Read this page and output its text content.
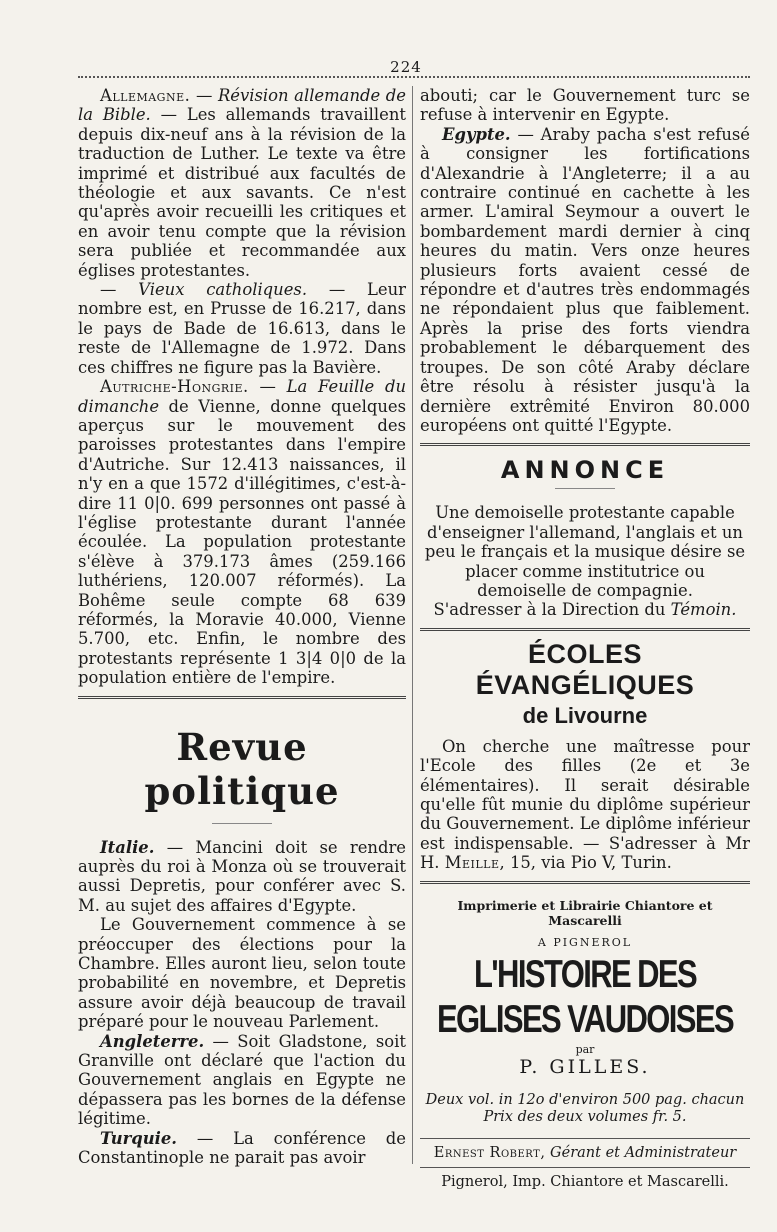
224

Allemagne. — Révision allemande de la Bible. — Les allemands travaillent depuis dix-neuf ans à la révision de la traduction de Luther. Le texte va être imprimé et distribué aux facultés de théologie et aux savants. Ce n'est qu'après avoir recueilli les critiques et en avoir tenu compte que la révision sera publiée et recommandée aux églises protestantes.

— Vieux catholiques. — Leur nombre est, en Prusse de 16.217, dans le pays de Bade de 16.613, dans le reste de l'Allemagne de 1.972. Dans ces chiffres ne figure pas la Bavière.

Autriche-Hongrie. — La Feuille du dimanche de Vienne, donne quelques aperçus sur le mouvement des paroisses protestantes dans l'empire d'Autriche. Sur 12.413 naissances, il n'y en a que 1572 d'illégitimes, c'est-à-dire 11 0|0. 699 personnes ont passé à l'église protestante durant l'année écoulée. La population protestante s'élève à 379.173 âmes (259.166 luthériens, 120.007 réformés). La Bohême seule compte 68 639 réformés, la Moravie 40.000, Vienne 5.700, etc. Enfin, le nombre des protestants représente 1 3|4 0|0 de la population entière de l'empire.

Revue politique

Italie. — Mancini doit se rendre auprès du roi à Monza où se trouverait aussi Depretis, pour conférer avec S. M. au sujet des affaires d'Egypte.

Le Gouvernement commence à se préoccuper des élections pour la Chambre. Elles auront lieu, selon toute probabilité en novembre, et Depretis assure avoir déjà beaucoup de travail préparé pour le nouveau Parlement.

Angleterre. — Soit Gladstone, soit Granville ont déclaré que l'action du Gouvernement anglais en Egypte ne dépassera pas les bornes de la défense légitime.

Turquie. — La conférence de Constantinople ne parait pas avoir

abouti; car le Gouvernement turc se refuse à intervenir en Egypte.

Egypte. — Araby pacha s'est refusé à consigner les fortifications d'Alexandrie à l'Angleterre; il a au contraire continué en cachette à les armer. L'amiral Seymour a ouvert le bombardement mardi dernier à cinq heures du matin. Vers onze heures plusieurs forts avaient cessé de répondre et d'autres très endommagés ne répondaient plus que faiblement. Après la prise des forts viendra probablement le débarquement des troupes. De son côté Araby déclare être résolu à résister jusqu'à la dernière extrêmité Environ 80.000 européens ont quitté l'Egypte.

ANNONCE

Une demoiselle protestante capable d'enseigner l'allemand, l'anglais et un peu le français et la musique désire se placer comme institutrice ou demoiselle de compagnie.

S'adresser à la Direction du Témoin.

ÉCOLES ÉVANGÉLIQUES
de Livourne

On cherche une maîtresse pour l'Ecole des filles (2e et 3e élémentaires). Il serait désirable qu'elle fût munie du diplôme supérieur du Gouvernement. Le diplôme inférieur est indispensable. — S'adresser à Mr H. Meille, 15, via Pio V, Turin.

Imprimerie et Librairie Chiantore et Mascarelli
A PIGNEROL
L'HISTOIRE DES EGLISES VAUDOISES
par
P. GILLES.
Deux vol. in 12o d'environ 500 pag. chacun Prix des deux volumes fr. 5.
Ernest Robert, Gérant et Administrateur
Pignerol, Imp. Chiantore et Mascarelli.
